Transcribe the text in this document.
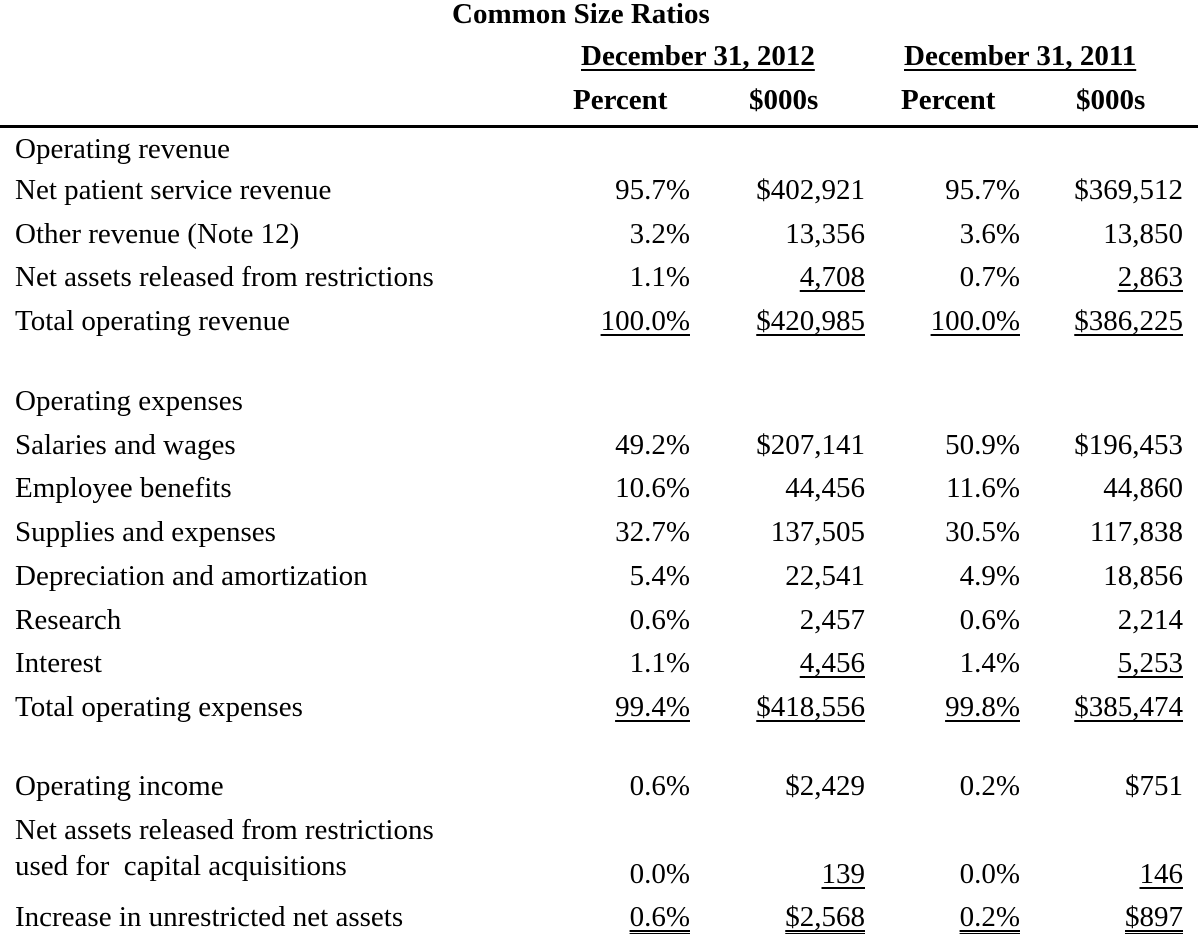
Common Size Ratios
December 31, 2012	December 31, 2011
Percent	$000s	Percent	$000s
Operating revenue
Net patient service revenue	95.7% $402,921	95.7% $369,512
Other revenue (Note 12)	3.2%	13,356	3.6%	13,850
Net assets released from restrictions	1.1%	4,708	0.7%	2,863
Total operating revenue	100.0% $420,985 100.0% $386,225
Operating expenses
Salaries and wages	49.2% $207,141	50.9% $196,453
Employee benefits	10.6%	44,456	11.6%	44,860
Supplies and expenses	32.7%	137,505	30.5% 117,838
Depreciation and amortization	5.4%	22,541	4.9%	18,856
Research	0.6%	2,457	0.6%	2,214
Interest	1.1%	4,456	1.4%	5,253
Total operating expenses	99.4% $418,556	99.8% $385,474
Operating income	0.6%	$2,429	0.2%	$751
Net assets released from restrictions
used for  capital acquisitions	0.0%	139	0.0%	146
Increase in unrestricted net assets	0.6%	$2,568	0.2%	$897
